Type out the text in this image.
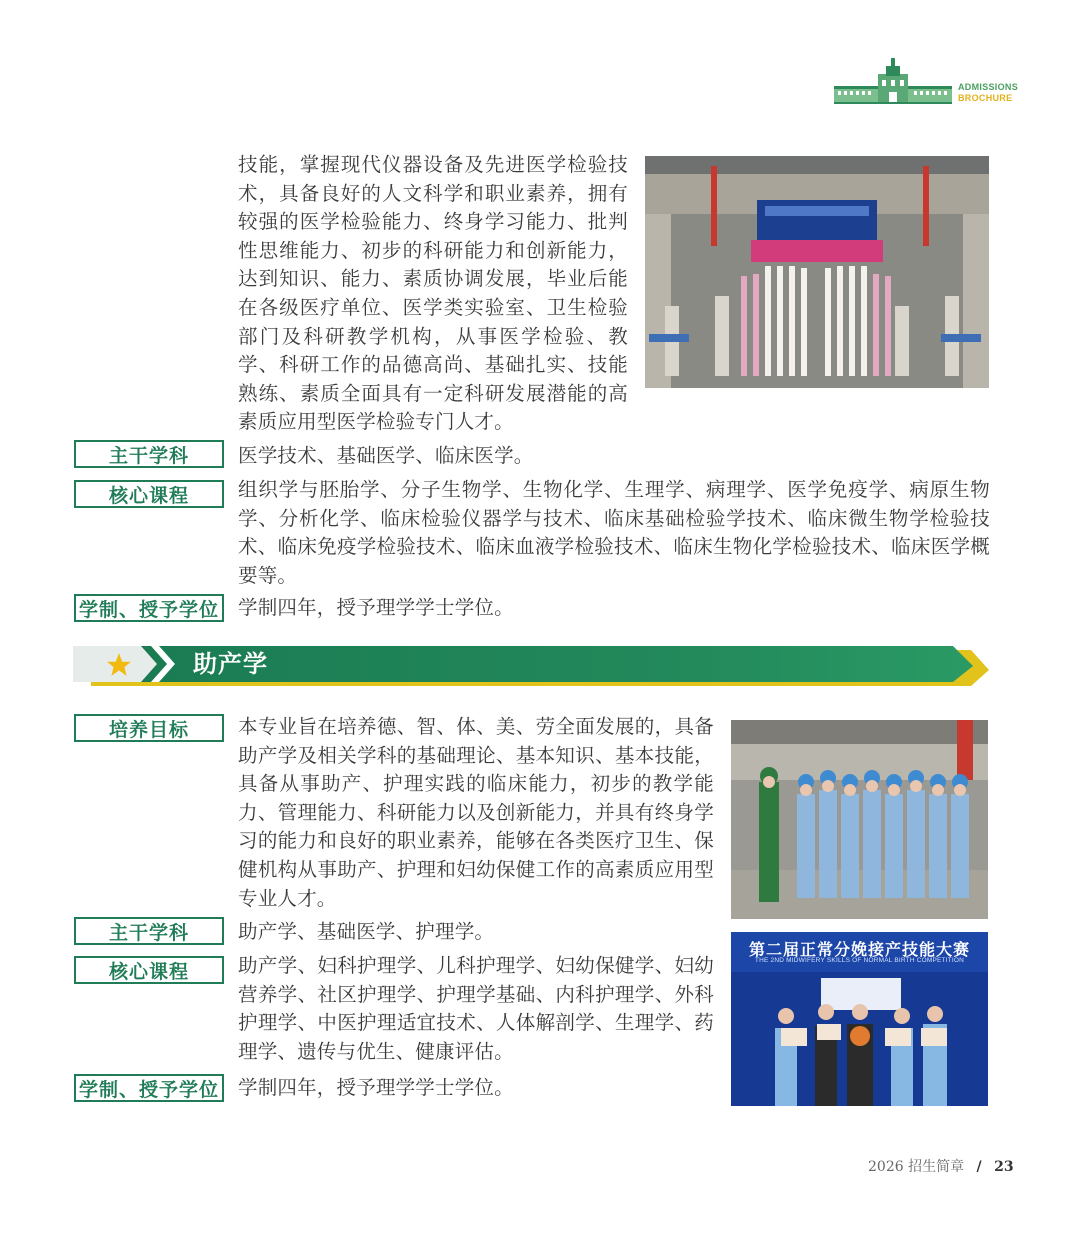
ADMISSIONS
BROCHURE

技能，掌握现代仪器设备及先进医学检验技术，具备良好的人文科学和职业素养，拥有较强的医学检验能力、终身学习能力、批判性思维能力、初步的科研能力和创新能力，达到知识、能力、素质协调发展，毕业后能在各级医疗单位、医学类实验室、卫生检验部门及科研教学机构，从事医学检验、教学、科研工作的品德高尚、基础扎实、技能熟练、素质全面具有一定科研发展潜能的高素质应用型医学检验专门人才。

主干学科	医学技术、基础医学、临床医学。

核心课程	组织学与胚胎学、分子生物学、生物化学、生理学、病理学、医学免疫学、病原生物学、分析化学、临床检验仪器学与技术、临床基础检验学技术、临床微生物学检验技术、临床免疫学检验技术、临床血液学检验技术、临床生物化学检验技术、临床医学概要等。

学制、授予学位 学制四年，授予理学学士学位。

助产学
培养目标	本专业旨在培养德、智、体、美、劳全面发展的，具备助产学及相关学科的基础理论、基本知识、基本技能，具备从事助产、护理实践的临床能力，初步的教学能力、管理能力、科研能力以及创新能力，并具有终身学习的能力和良好的职业素养，能够在各类医疗卫生、保健机构从事助产、护理和妇幼保健工作的高素质应用型专业人才。

主干学科	助产学、基础医学、护理学。

核心课程	助产学、妇科护理学、儿科护理学、妇幼保健学、妇幼营养学、社区护理学、护理学基础、内科护理学、外科护理学、中医护理适宜技术、人体解剖学、生理学、药理学、遗传与优生、健康评估。

学制、授予学位 学制四年，授予理学学士学位。

第二届正常分娩接产技能大赛
THE 2ND MIDWIFERY SKILLS OF NORMAL BIRTH COMPETITION
2026 招生简章 / 23
